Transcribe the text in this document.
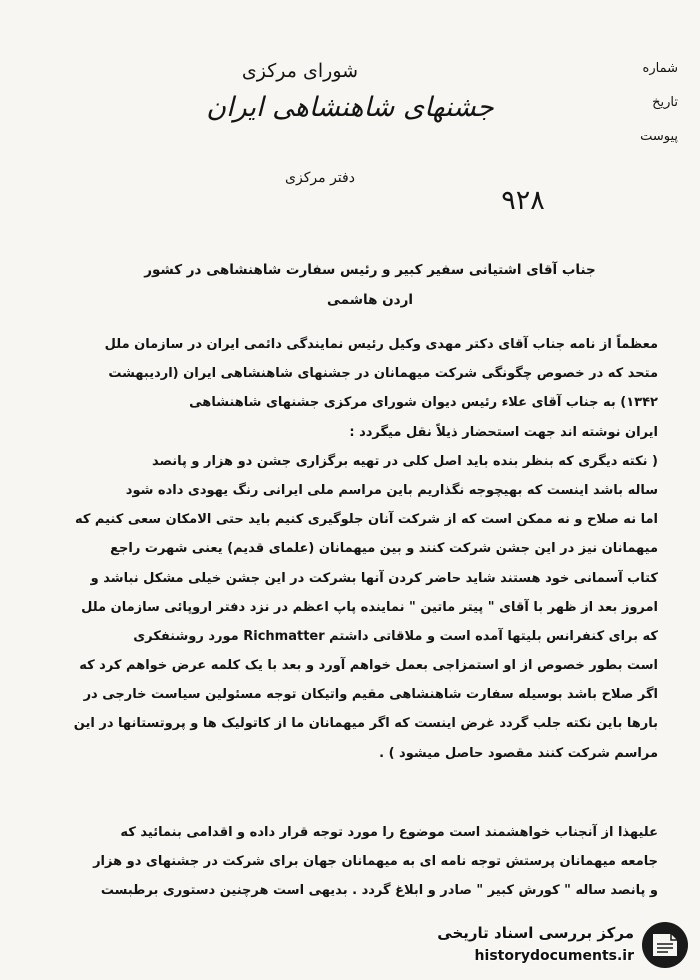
شورای مرکزی
جشنهای شاهنشاهی ایران
دفتر مرکزی
شماره
تاریخ
پیوست
۹۲۸
جناب آقای اشتیانی سفیر کبیر و رئیس سفارت شاهنشاهی در کشور
اردن هاشمی
معظماً از نامه جناب آقای دکتر مهدی وکیل رئیس نمایندگی دائمی ایران در سازمان ملل
متحد که در خصوص چگونگی شرکت میهمانان در جشنهای شاهنشاهی ایران (اردیبهشت
۱۳۴۲) به جناب آقای علاء رئیس دیوان شورای مرکزی جشنهای شاهنشاهی
ایران نوشته اند جهت استحضار ذیلاً نقل میگردد :
( نکته دیگری که بنظر بنده باید اصل کلی در تهیه برگزاری جشن دو هزار و پانصد
ساله باشد اینست که بهیچوجه نگذاریم باین مراسم ملی ایرانی رنگ یهودی داده شود
اما نه صلاح و نه ممکن است که از شرکت آنان جلوگیری کنیم باید حتی الامکان سعی کنیم که
میهمانان نیز در این جشن شرکت کنند و بین میهمانان (علمای قدیم) یعنی شهرت راجع
کتاب آسمانی خود هستند شاید حاضر کردن آنها بشرکت در این جشن خیلی مشکل نباشد و
امروز بعد از ظهر با آقای " پیتر ماتین " نماینده پاپ اعظم در نزد دفتر اروپائی سازمان ملل
که برای کنفرانس بلیتها آمده است و ملاقاتی داشتم Richmatter مورد روشنفکری
است بطور خصوص از او استمزاجی بعمل خواهم آورد و بعد با یک کلمه عرض خواهم کرد که
اگر صلاح باشد بوسیله سفارت شاهنشاهی مقیم واتیکان توجه مسئولین سیاست خارجی در
بارها باین نکته جلب گردد غرض اینست که اگر میهمانان ما از کاتولیک ها و پروتستانها در این
مراسم شرکت کنند مقصود حاصل میشود ) .
علیهذا از آنجناب خواهشمند است موضوع را مورد توجه قرار داده و اقدامی بنمائید که
جامعه میهمانان پرستش توجه نامه ای به میهمانان جهان برای شرکت در جشنهای دو هزار
و پانصد ساله " کورش کبیر " صادر و ابلاغ گردد . بدیهی است هرچنین دستوری برطبست
مرکز بررسی اسناد تاریخی
historydocuments.ir
